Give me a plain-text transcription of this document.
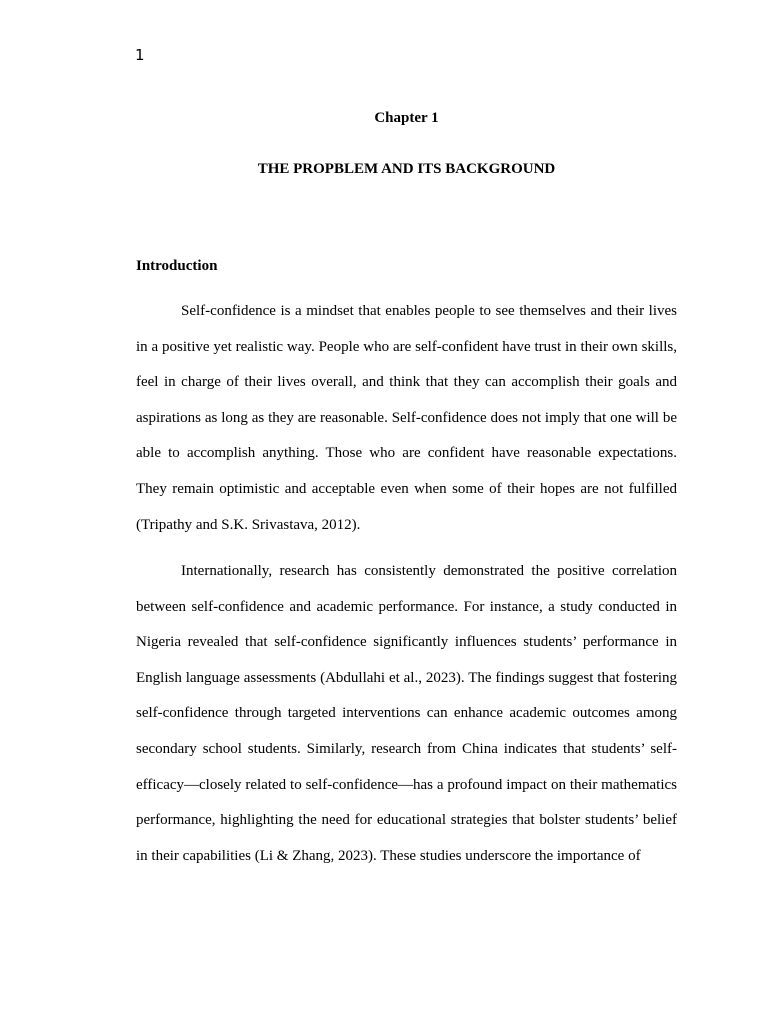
1
Chapter 1
THE PROPBLEM AND ITS BACKGROUND
Introduction

Self-confidence is a mindset that enables people to see themselves and their lives in a positive yet realistic way. People who are self-confident have trust in their own skills, feel in charge of their lives overall, and think that they can accomplish their goals and aspirations as long as they are reasonable. Self-confidence does not imply that one will be able to accomplish anything. Those who are confident have reasonable expectations. They remain optimistic and acceptable even when some of their hopes are not fulfilled (Tripathy and S.K. Srivastava, 2012).

Internationally, research has consistently demonstrated the positive correlation between self-confidence and academic performance. For instance, a study conducted in Nigeria revealed that self-confidence significantly influences students’ performance in English language assessments (Abdullahi et al., 2023). The findings suggest that fostering self-confidence through targeted interventions can enhance academic outcomes among secondary school students. Similarly, research from China indicates that students’ self-efficacy—closely related to self-confidence—has a profound impact on their mathematics performance, highlighting the need for educational strategies that bolster students’ belief in their capabilities (Li & Zhang, 2023). These studies underscore the importance of
